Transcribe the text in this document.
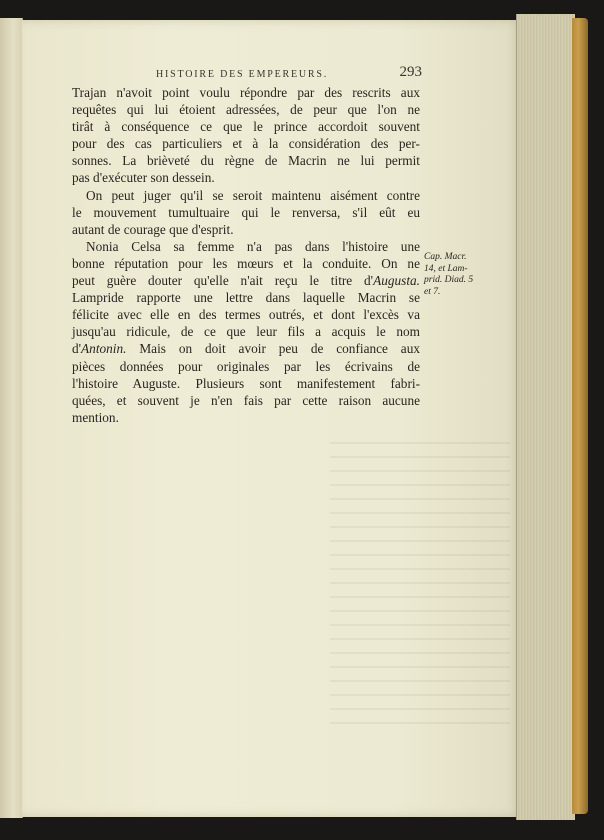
HISTOIRE DES EMPEREURS.	293

Trajan n'avoit point voulu répondre par des rescrits aux
requêtes qui lui étoient adressées, de peur que l'on ne
tirât à conséquence ce que le prince accordoit souvent
pour des cas particuliers et à la considération des per-
sonnes. La brièveté du règne de Macrin ne lui permit
pas d'exécuter son dessein.

On peut juger qu'il se seroit maintenu aisément contre
le mouvement tumultuaire qui le renversa, s'il eût eu
autant de courage que d'esprit.

Nonia Celsa sa femme n'a pas dans l'histoire une
bonne réputation pour les mœurs et la conduite. On ne
peut guère douter qu'elle n'ait reçu le titre d'Augusta.
Lampride rapporte une lettre dans laquelle Macrin se
félicite avec elle en des termes outrés, et dont l'excès va
jusqu'au ridicule, de ce que leur fils a acquis le nom
d'Antonin. Mais on doit avoir peu de confiance aux
pièces données pour originales par les écrivains de
l'histoire Auguste. Plusieurs sont manifestement fabri-
quées, et souvent je n'en fais par cette raison aucune
mention.

Cap. Macr.
14, et Lam-
prid. Diad. 5
et 7.
